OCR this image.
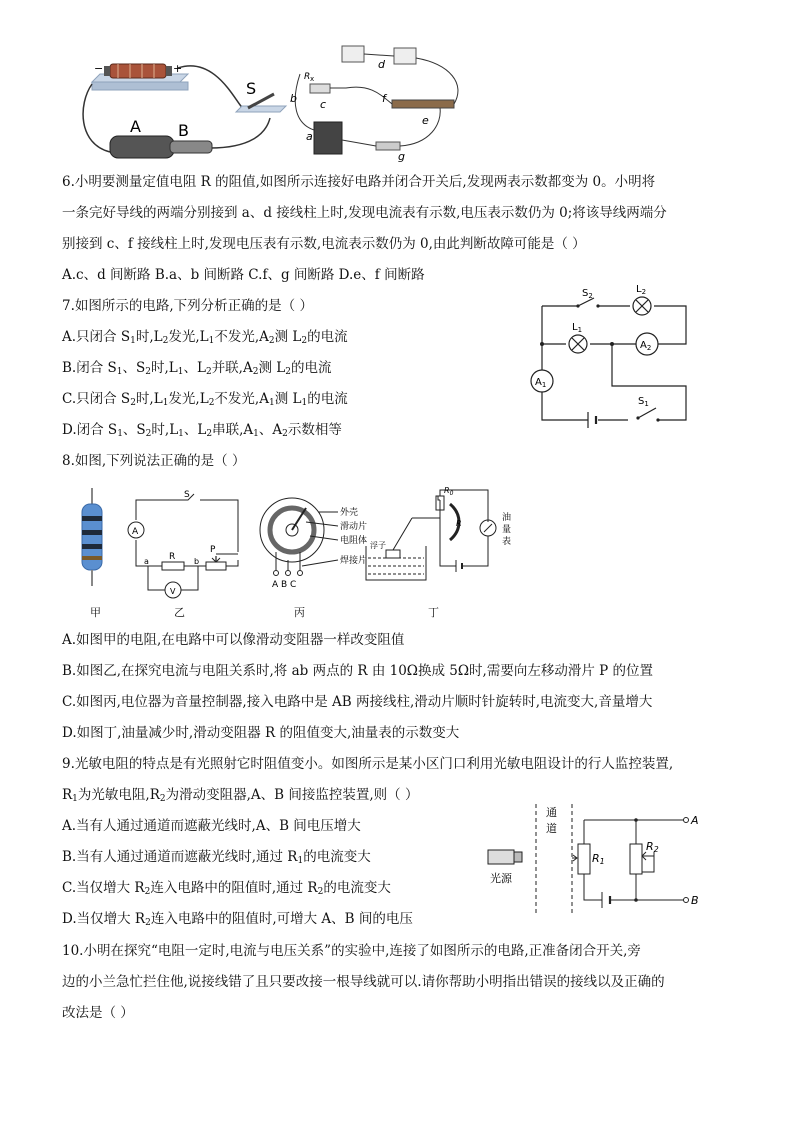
−	+
A B
S
R x
b c
d
f
e
a
g
6.小明要测量定值电阻 R 的阻值,如图所示连接好电路并闭合开关后,发现两表示数都变为 0。小明将
一条完好导线的两端分别接到 a、d 接线柱上时,发现电流表有示数,电压表示数仍为 0;将该导线两端分
别接到 c、f 接线柱上时,发现电压表有示数,电流表示数仍为 0,由此判断故障可能是（ ）
A.c、d 间断路 B.a、b 间断路 C.f、g 间断路 D.e、f 间断路
7.如图所示的电路,下列分析正确的是（ ）
A.只闭合 $S_1$时$,L_2$发光$,L_1$不发光$,A_2$测 $L_2$的电流
B.闭合 $S_1$、$S_2$时$,L_1$、$L_2$并联$,A_2$测 $L_2$的电流
C.只闭合 $S_2$时$,L_1$发光$,L_2$不发光$,A_1$测 $L_1$的电流
D.闭合 $S_1$、$S_2$时$,L_1$、$L_2$串联$,A_1$、$A_2$示数相等
$S_2$
$L_2$
$L_1$
$A_2$
$A_1$
$S_1$
8.如图,下列说法正确的是（ ）
S
A
R
P
a	b
V
外壳
滑动片
电阻体
焊接片
A B C
$R_0$
R
浮子
油
量
表
甲	乙	丙	丁
A.如图甲的电阻,在电路中可以像滑动变阻器一样改变阻值
B.如图乙,在探究电流与电阻关系时,将 ab 两点的 R 由 10Ω换成 5Ω时,需要向左移动滑片 P 的位置
C.如图丙,电位器为音量控制器,接入电路中是 AB 两接线柱,滑动片顺时针旋转时,电流变大,音量增大
D.如图丁,油量减少时,滑动变阻器 R 的阻值变大,油量表的示数变大
9.光敏电阻的特点是有光照射它时阻值变小。如图所示是某小区门口利用光敏电阻设计的行人监控装置,
$R_1$为光敏电阻$,R_2$为滑动变阻器,A、B 间接监控装置,则（ ）
A.当有人通过通道而遮蔽光线时,A、B 间电压增大
B.当有人通过通道而遮蔽光线时,通过 $R_1$的电流变大
C.当仅增大 $R_2$连入电路中的阻值时,通过 $R_2$的电流变大
D.当仅增大 $R_2$连入电路中的阻值时,可增大 A、B 间的电压
通
道
光源
R1
R2
A
B
10.小明在探究“电阻一定时,电流与电压关系”的实验中,连接了如图所示的电路,正准备闭合开关,旁
边的小兰急忙拦住他,说接线错了且只要改接一根导线就可以.请你帮助小明指出错误的接线以及正确的
改法是（ ）
